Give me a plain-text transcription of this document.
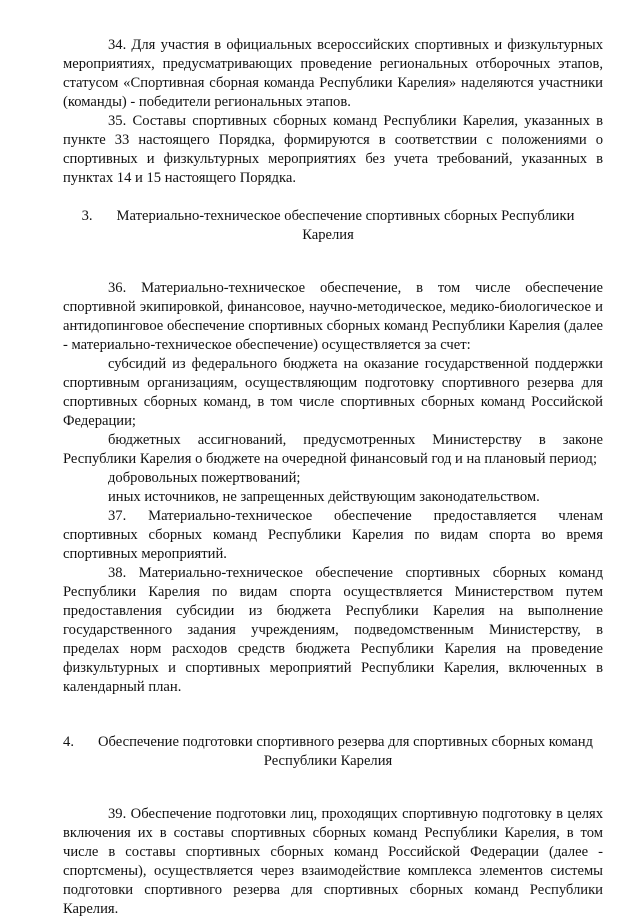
34. Для участия в официальных всероссийских спортивных и физкультурных мероприятиях, предусматривающих проведение региональных отборочных этапов, статусом «Спортивная сборная команда Республики Карелия» наделяются участники (команды) - победители региональных этапов.

35. Составы спортивных сборных команд Республики Карелия, указанных в пункте 33 настоящего Порядка, формируются в соответствии с положениями о спортивных и физкультурных мероприятиях без учета требований, указанных в пунктах 14 и 15 настоящего Порядка.

3. Материально-техническое обеспечение спортивных сборных Республики Карелия

36. Материально-техническое обеспечение, в том числе обеспечение спортивной экипировкой, финансовое, научно-методическое, медико-биологическое и антидопинговое обеспечение спортивных сборных команд Республики Карелия (далее - материально-техническое обеспечение) осуществляется за счет:

субсидий из федерального бюджета на оказание государственной поддержки спортивным организациям, осуществляющим подготовку спортивного резерва для спортивных сборных команд, в том числе спортивных сборных команд Российской Федерации;

бюджетных ассигнований, предусмотренных Министерству в законе Республики Карелия о бюджете на очередной финансовый год и на плановый период;

добровольных пожертвований;

иных источников, не запрещенных действующим законодательством.

37. Материально-техническое обеспечение предоставляется членам спортивных сборных команд Республики Карелия по видам спорта во время спортивных мероприятий.

38. Материально-техническое обеспечение спортивных сборных команд Республики Карелия по видам спорта осуществляется Министерством путем предоставления субсидии из бюджета Республики Карелия на выполнение государственного задания учреждениям, подведомственным Министерству, в пределах норм расходов средств бюджета Республики Карелия на проведение физкультурных и спортивных мероприятий Республики Карелия, включенных в календарный план.

4. Обеспечение подготовки спортивного резерва для спортивных сборных команд Республики Карелия

39. Обеспечение подготовки лиц, проходящих спортивную подготовку в целях включения их в составы спортивных сборных команд Республики Карелия, в том числе в составы спортивных сборных команд Российской Федерации (далее - спортсмены), осуществляется через взаимодействие комплекса элементов системы подготовки спортивного резерва для спортивных сборных команд Республики Карелия.
